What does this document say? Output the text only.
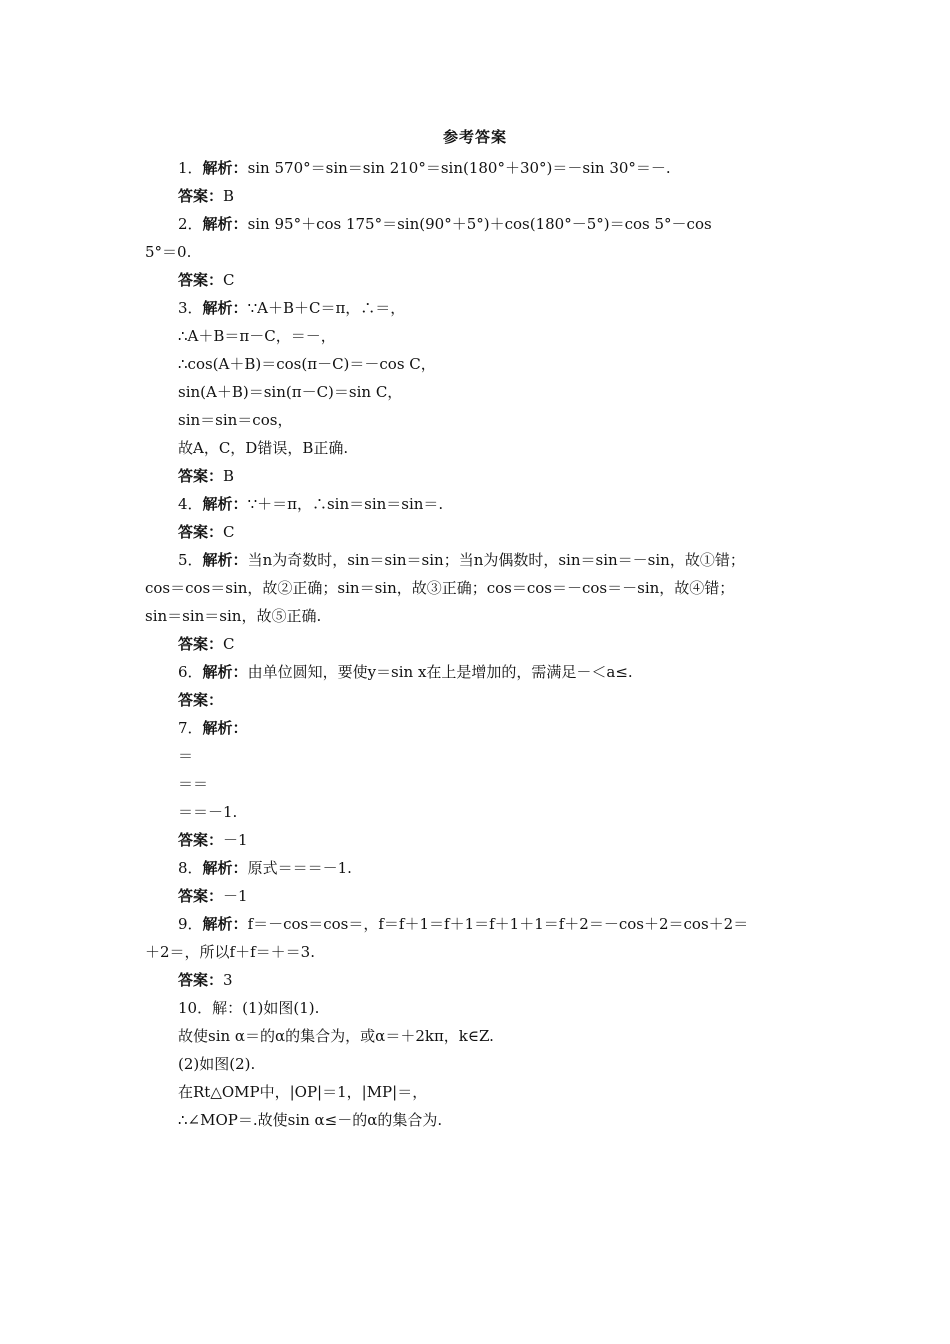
参考答案
1．解析：sin 570°＝sin＝sin 210°＝sin(180°＋30°)＝－sin 30°＝－.
答案：B
2．解析：sin 95°＋cos 175°＝sin(90°＋5°)＋cos(180°－5°)＝cos 5°－cos
5°＝0.
答案：C
3．解析：∵A＋B＋C＝π，∴＝，
∴A＋B＝π－C，＝－，
∴cos(A＋B)＝cos(π－C)＝－cos C，
sin(A＋B)＝sin(π－C)＝sin C，
sin＝sin＝cos，
故A，C，D错误，B正确.
答案：B
4．解析：∵＋＝π，∴sin＝sin＝sin＝.
答案：C
5．解析：当n为奇数时，sin＝sin＝sin；当n为偶数时，sin＝sin＝－sin，故①错；
cos＝cos＝sin，故②正确；sin＝sin，故③正确；cos＝cos＝－cos＝－sin，故④错；
sin＝sin＝sin，故⑤正确.
答案：C
6．解析：由单位圆知，要使y＝sin x在上是增加的，需满足－＜a≤.
答案：
7．解析：
＝
＝＝
＝＝－1.
答案：－1
8．解析：原式＝＝＝－1.
答案：－1
9．解析：f＝－cos＝cos＝，f＝f＋1＝f＋1＝f＋1＋1＝f＋2＝－cos＋2＝cos＋2＝
＋2＝，所以f＋f＝＋＝3.
答案：3
10．解：(1)如图(1).
故使sin α＝的α的集合为，或α＝＋2kπ，k∈Z.
(2)如图(2).
在Rt△OMP中，|OP|＝1，|MP|＝，
∴∠MOP＝.故使sin α≤－的α的集合为.
